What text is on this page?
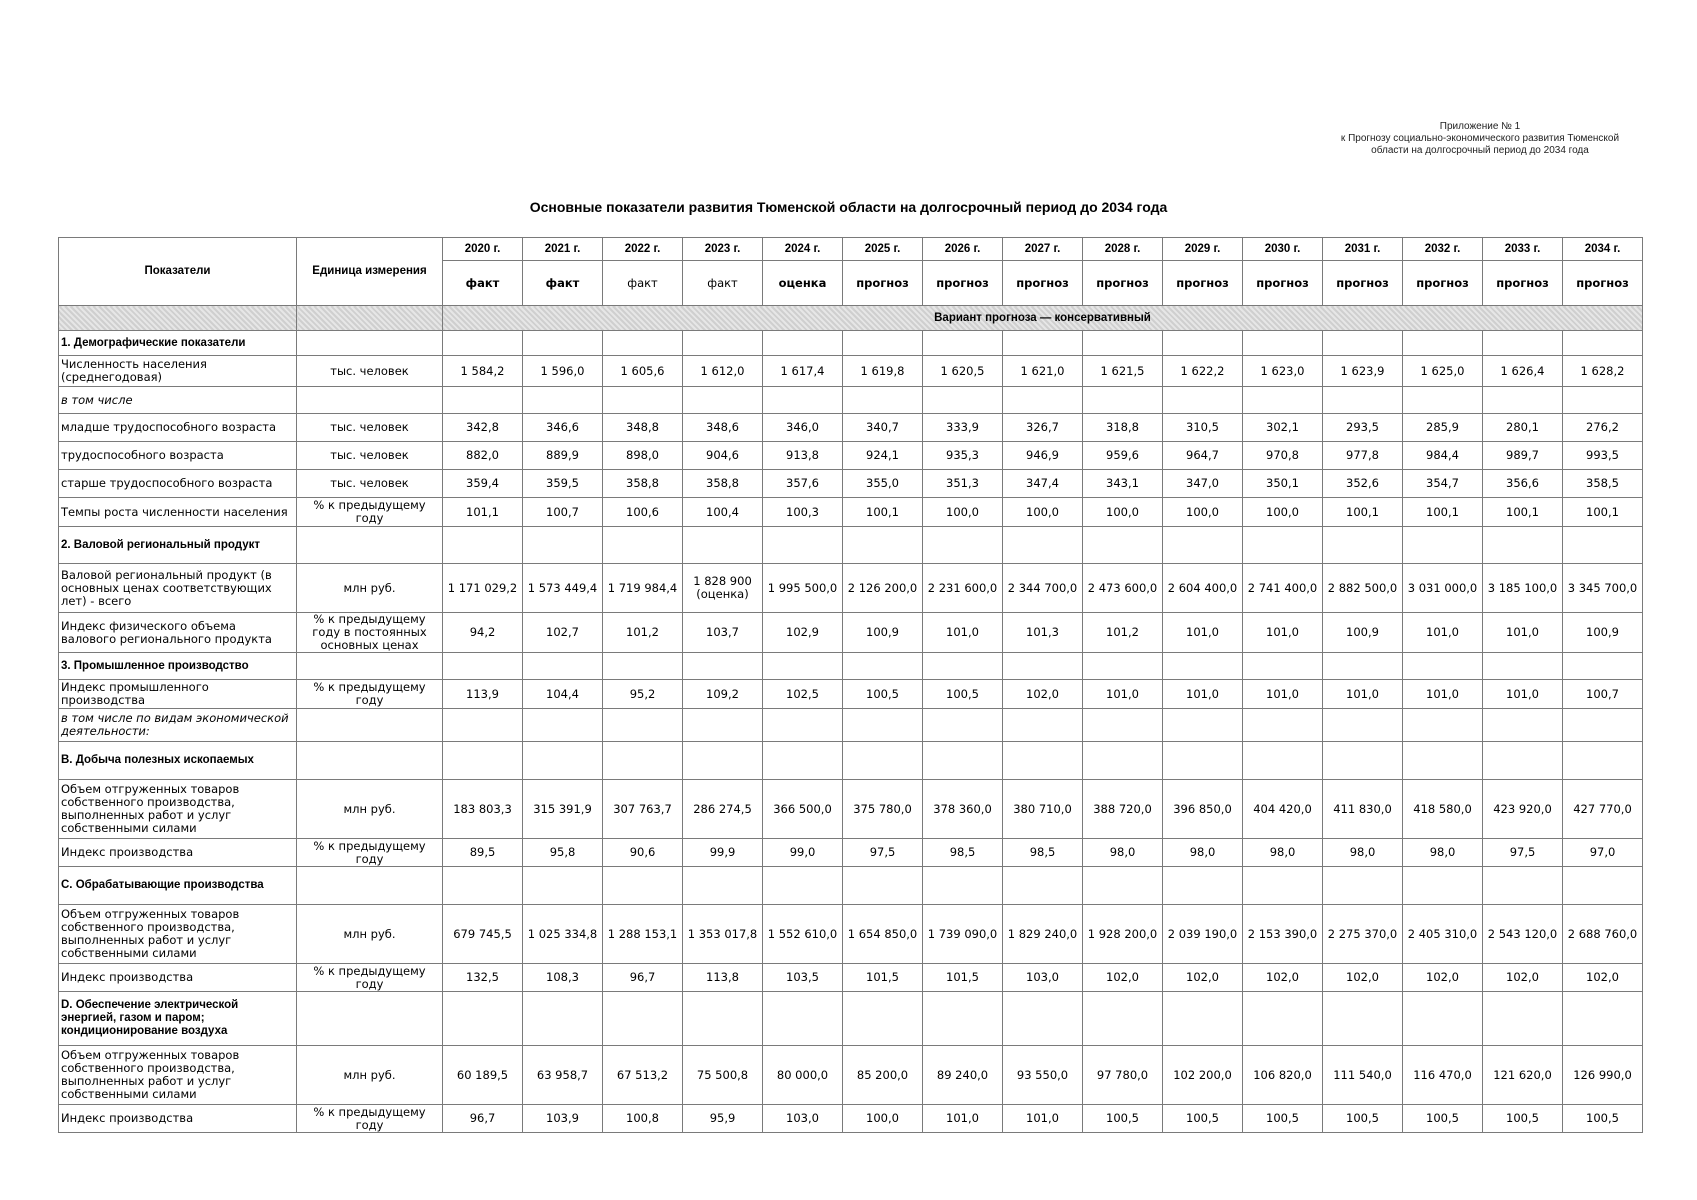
Приложение № 1
к Прогнозу социально-экономического развития Тюменской
области на долгосрочный период до 2034 года
Основные показатели развития Тюменской области на долгосрочный период до 2034 года
Показатели	Единица измерения	2020 г.	2021 г.	2022 г.	2023 г.	2024 г.	2025 г.	2026 г.	2027 г.	2028 г.	2029 г.	2030 г.	2031 г.	2032 г.	2033 г.	2034 г.
		факт	факт	факт	факт	оценка	прогноз	прогноз	прогноз	прогноз	прогноз	прогноз	прогноз	прогноз	прогноз	прогноз
		Вариант прогноза — консервативный														
1. Демографические показатели																
Численность населения (среднегодовая)	тыс. человек	1 584,2	1 596,0	1 605,6	1 612,0	1 617,4	1 619,8	1 620,5	1 621,0	1 621,5	1 622,2	1 623,0	1 623,9	1 625,0	1 626,4	1 628,2
в том числе																
младше трудоспособного возраста	тыс. человек	342,8	346,6	348,8	348,6	346,0	340,7	333,9	326,7	318,8	310,5	302,1	293,5	285,9	280,1	276,2
трудоспособного возраста	тыс. человек	882,0	889,9	898,0	904,6	913,8	924,1	935,3	946,9	959,6	964,7	970,8	977,8	984,4	989,7	993,5
старше трудоспособного возраста	тыс. человек	359,4	359,5	358,8	358,8	357,6	355,0	351,3	347,4	343,1	347,0	350,1	352,6	354,7	356,6	358,5
Темпы роста численности населения	% к предыдущему году	101,1	100,7	100,6	100,4	100,3	100,1	100,0	100,0	100,0	100,0	100,0	100,1	100,1	100,1	100,1
2. Валовой региональный продукт																
Валовой региональный продукт (в основных ценах соответствующих лет) - всего	млн руб.	1 171 029,2	1 573 449,4	1 719 984,4	1 828 900 (оценка)	1 995 500,0	2 126 200,0	2 231 600,0	2 344 700,0	2 473 600,0	2 604 400,0	2 741 400,0	2 882 500,0	3 031 000,0	3 185 100,0	3 345 700,0
Индекс физического объема валового регионального продукта	% к предыдущему году в постоянных основных ценах	94,2	102,7	101,2	103,7	102,9	100,9	101,0	101,3	101,2	101,0	101,0	100,9	101,0	101,0	100,9
3. Промышленное производство																
Индекс промышленного производства	% к предыдущему году	113,9	104,4	95,2	109,2	102,5	100,5	100,5	102,0	101,0	101,0	101,0	101,0	101,0	101,0	100,7
в том числе по видам экономической деятельности:																
B. Добыча полезных ископаемых																
Объем отгруженных товаров собственного производства, выполненных работ и услуг собственными силами	млн руб.	183 803,3	315 391,9	307 763,7	286 274,5	366 500,0	375 780,0	378 360,0	380 710,0	388 720,0	396 850,0	404 420,0	411 830,0	418 580,0	423 920,0	427 770,0
Индекс производства	% к предыдущему году	89,5	95,8	90,6	99,9	99,0	97,5	98,5	98,5	98,0	98,0	98,0	98,0	98,0	97,5	97,0
C. Обрабатывающие производства																
Объем отгруженных товаров собственного производства, выполненных работ и услуг собственными силами	млн руб.	679 745,5	1 025 334,8	1 288 153,1	1 353 017,8	1 552 610,0	1 654 850,0	1 739 090,0	1 829 240,0	1 928 200,0	2 039 190,0	2 153 390,0	2 275 370,0	2 405 310,0	2 543 120,0	2 688 760,0
Индекс производства	% к предыдущему году	132,5	108,3	96,7	113,8	103,5	101,5	101,5	103,0	102,0	102,0	102,0	102,0	102,0	102,0	102,0
D. Обеспечение электрической энергией, газом и паром; кондиционирование воздуха																
Объем отгруженных товаров собственного производства, выполненных работ и услуг собственными силами	млн руб.	60 189,5	63 958,7	67 513,2	75 500,8	80 000,0	85 200,0	89 240,0	93 550,0	97 780,0	102 200,0	106 820,0	111 540,0	116 470,0	121 620,0	126 990,0
Индекс производства	% к предыдущему году	96,7	103,9	100,8	95,9	103,0	100,0	101,0	101,0	100,5	100,5	100,5	100,5	100,5	100,5	100,5
